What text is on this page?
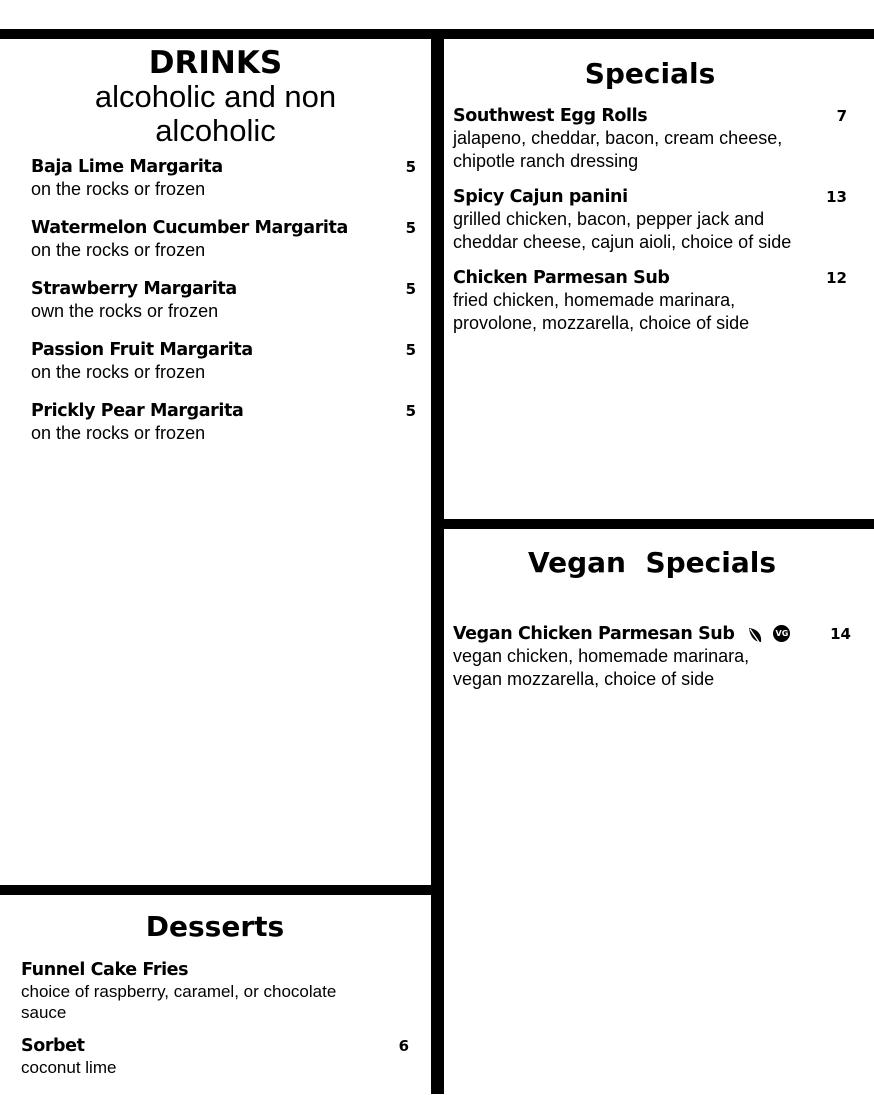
DRINKS
alcoholic and non
alcoholic
Baja Lime Margarita	5
on the rocks or frozen
Watermelon Cucumber Margarita	5
on the rocks or frozen
Strawberry Margarita	5
own the rocks or frozen
Passion Fruit Margarita	5
on the rocks or frozen
Prickly Pear Margarita	5
on the rocks or frozen
Specials
Southwest Egg Rolls	7
jalapeno, cheddar, bacon, cream cheese,
chipotle ranch dressing
Spicy Cajun panini	13
grilled chicken, bacon, pepper jack and
cheddar cheese, cajun aioli, choice of side
Chicken Parmesan Sub	12
fried chicken, homemade marinara,
provolone, mozzarella, choice of side
Vegan  Specials
Vegan Chicken Parmesan Sub	VG	14
vegan chicken, homemade marinara,
vegan mozzarella, choice of side
Desserts
Funnel Cake Fries
choice of raspberry, caramel, or chocolate
sauce
Sorbet	6
coconut lime
